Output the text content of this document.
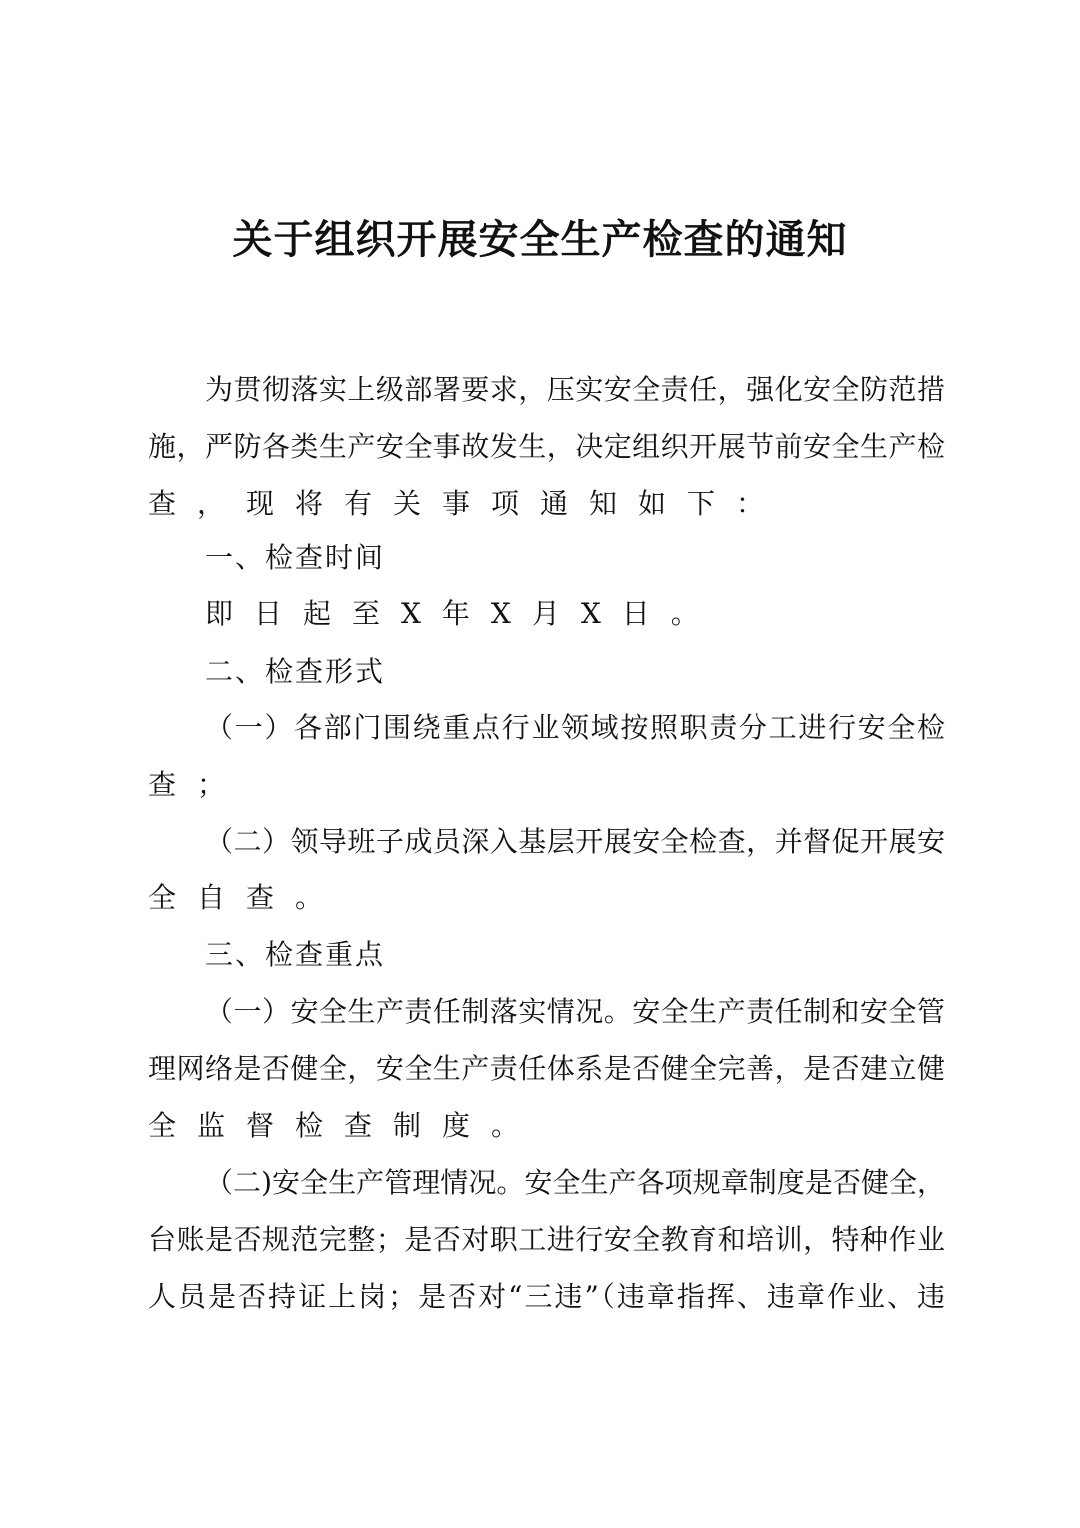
关于组织开展安全生产检查的通知
为贯彻落实上级部署要求，压实安全责任，强化安全防范措
施，严防各类生产安全事故发生，决定组织开展节前安全生产检
查，现将有关事项通知如下：
一、检查时间
即日起至X年X月X日。
二、检查形式
（一）各部门围绕重点行业领域按照职责分工进行安全检
查；
（二）领导班子成员深入基层开展安全检查，并督促开展安
全自查。
三、检查重点
（一）安全生产责任制落实情况。安全生产责任制和安全管
理网络是否健全，安全生产责任体系是否健全完善，是否建立健
全监督检查制度。
（二)安全生产管理情况。安全生产各项规章制度是否健全，
台账是否规范完整；是否对职工进行安全教育和培训，特种作业
人员是否持证上岗；是否对“三违”（违章指挥、违章作业、违
